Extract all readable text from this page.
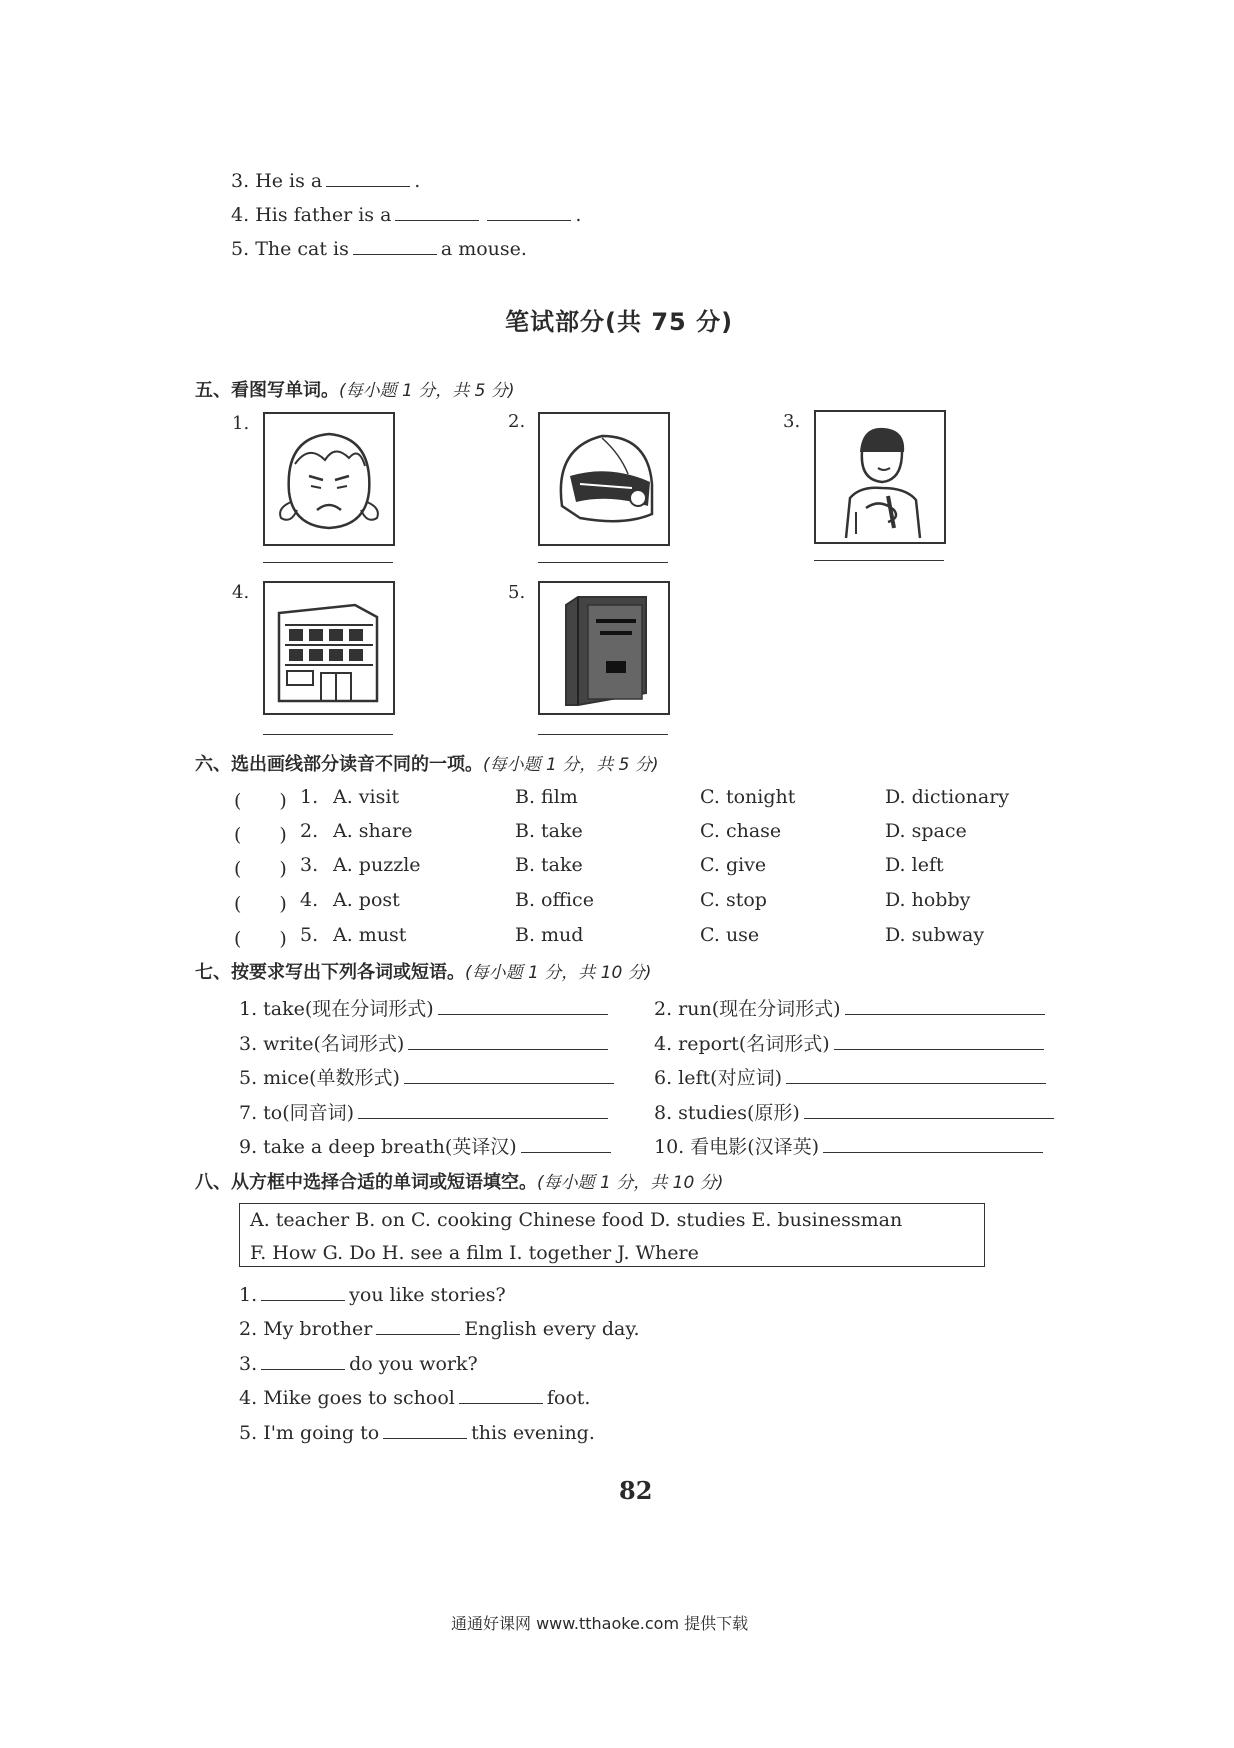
3. He is a	.
4. His father is a	.
5. The cat is	a mouse.
笔试部分(共 75 分)
五、看图写单词。(每小题 1 分，共 5 分)
1.	2.	3.
4.	5.
六、选出画线部分读音不同的一项。(每小题 1 分，共 5 分)
(　　) 1. A. visit	B. film	C. tonight	D. dictionary
(　　) 2. A. share	B. take	C. chase	D. space
(　　) 3. A. puzzle	B. take	C. give	D. left
(　　) 4. A. post	B. office	C. stop	D. hobby
(　　) 5. A. must	B. mud	C. use	D. subway
七、按要求写出下列各词或短语。(每小题 1 分，共 10 分)
1. take(现在分词形式)	2. run(现在分词形式)
3. write(名词形式)	4. report(名词形式)
5. mice(单数形式)	6. left(对应词)
7. to(同音词)	8. studies(原形)
9. take a deep breath(英译汉)	10. 看电影(汉译英)
八、从方框中选择合适的单词或短语填空。(每小题 1 分，共 10 分)
A. teacher B. on C. cooking Chinese food D. studies E. businessman
F. How G. Do H. see a film I. together J. Where
1.	you like stories?
2. My brother	English every day.
3.	do you work?
4. Mike goes to school	foot.
5. I'm going to	this evening.
82
通通好课网 www.tthaoke.com 提供下载
